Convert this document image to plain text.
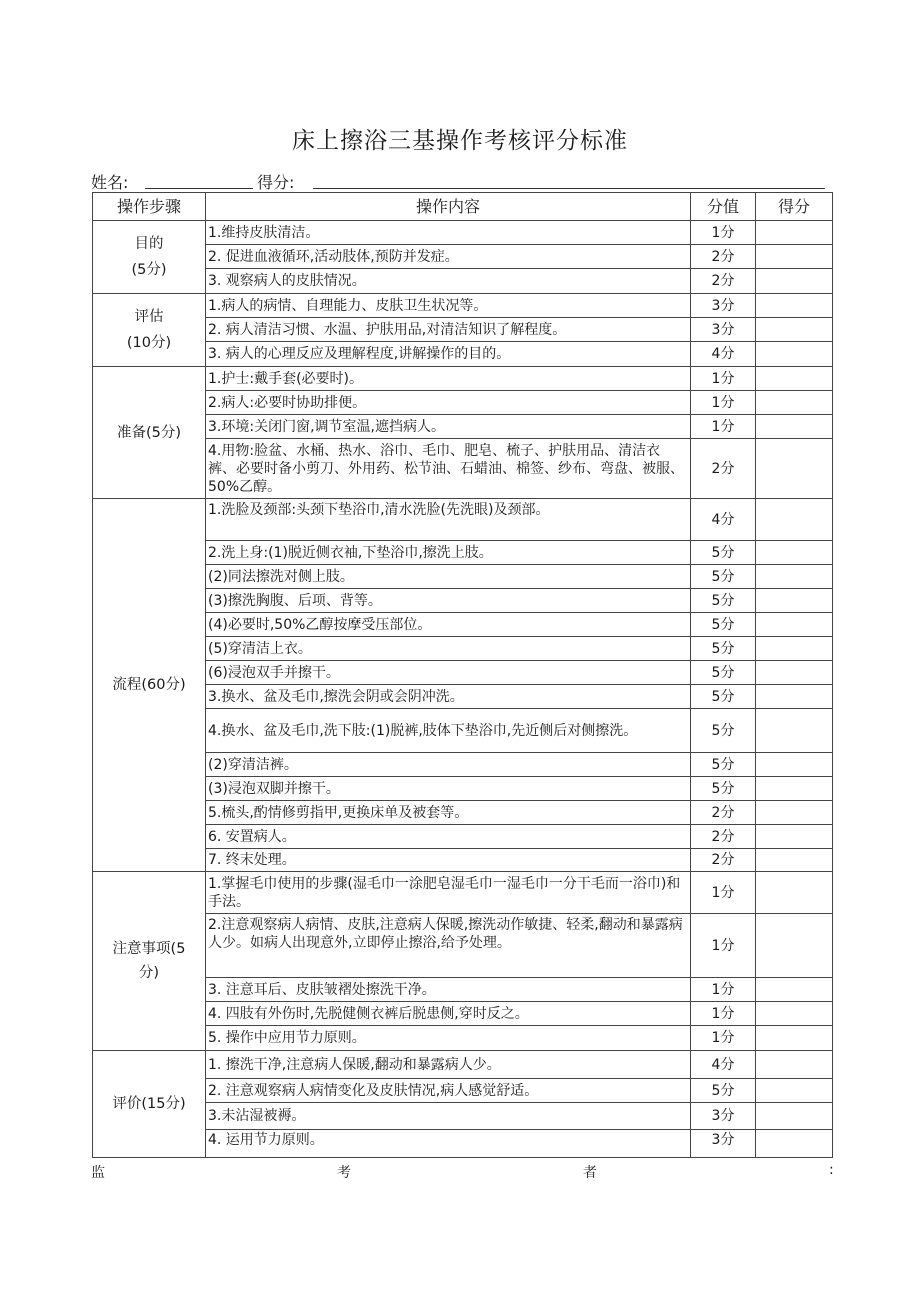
床上擦浴三基操作考核评分标准
姓名:	得分:
操作步骤	操作内容	分值	得分

目的
(5分)	1.维持皮肤清洁。	1分	
	2. 促进血液循环,活动肢体,预防并发症。	2分	
	3. 观察病人的皮肤情况。	2分	

评估
(10分)	1.病人的病情、自理能力、皮肤卫生状况等。	3分	
	2. 病人清洁习惯、水温、护肤用品,对清洁知识了解程度。	3分	
	3. 病人的心理反应及理解程度,讲解操作的目的。	4分	
准备(5分)	1.护士:戴手套(必要时)。	1分	
	2.病人:必要时协助排便。	1分	
	3.环境:关闭门窗,调节室温,遮挡病人。	1分	
	4.用物:脸盆、水桶、热水、浴巾、毛巾、肥皂、梳子、护肤用品、清洁衣裤、必要时备小剪刀、外用药、松节油、石蜡油、棉签、纱布、弯盘、被服、50%乙醇。	2分	
流程(60分)	1.洗脸及颈部:头颈下垫浴巾,清水洗脸(先洗眼)及颈部。	4分	
	2.洗上身:(1)脱近侧衣袖,下垫浴巾,擦洗上肢。	5分	
	(2)同法擦洗对侧上肢。	5分	
	(3)擦洗胸腹、后项、背等。	5分	
	(4)必要时,50%乙醇按摩受压部位。	5分	
	(5)穿清洁上衣。	5分	
	(6)浸泡双手并擦干。	5分	
	3.换水、盆及毛巾,擦洗会阴或会阴冲洗。	5分	
	4.换水、盆及毛巾,洗下肢:(1)脱裤,肢体下垫浴巾,先近侧后对侧擦洗。	5分	
	(2)穿清洁裤。	5分	
	(3)浸泡双脚并擦干。	5分	
	5.梳头,酌情修剪指甲,更换床单及被套等。	2分	
	6. 安置病人。	2分	
	7. 终末处理。	2分	

注意事项(5
分)	1.掌握毛巾使用的步骤(湿毛巾一涂肥皂湿毛巾一湿毛巾一分干毛而一浴巾)和手法。	1分	
	2.注意观察病人病情、皮肤,注意病人保暖,擦洗动作敏捷、轻柔,翻动和暴露病人少。如病人出现意外,立即停止擦浴,给予处理。	1分	
	3. 注意耳后、皮肤皱褶处擦洗干净。	1分	
	4. 四肢有外伤时,先脱健侧衣裤后脱患侧,穿时反之。	1分	
	5. 操作中应用节力原则。	1分	
评价(15分)	1. 擦洗干净,注意病人保暖,翻动和暴露病人少。	4分	
	2. 注意观察病人病情变化及皮肤情况,病人感觉舒适。	5分	
	3.未沾湿被褥。	3分	
	4. 运用节力原则。	3分	
监	考	者	:
